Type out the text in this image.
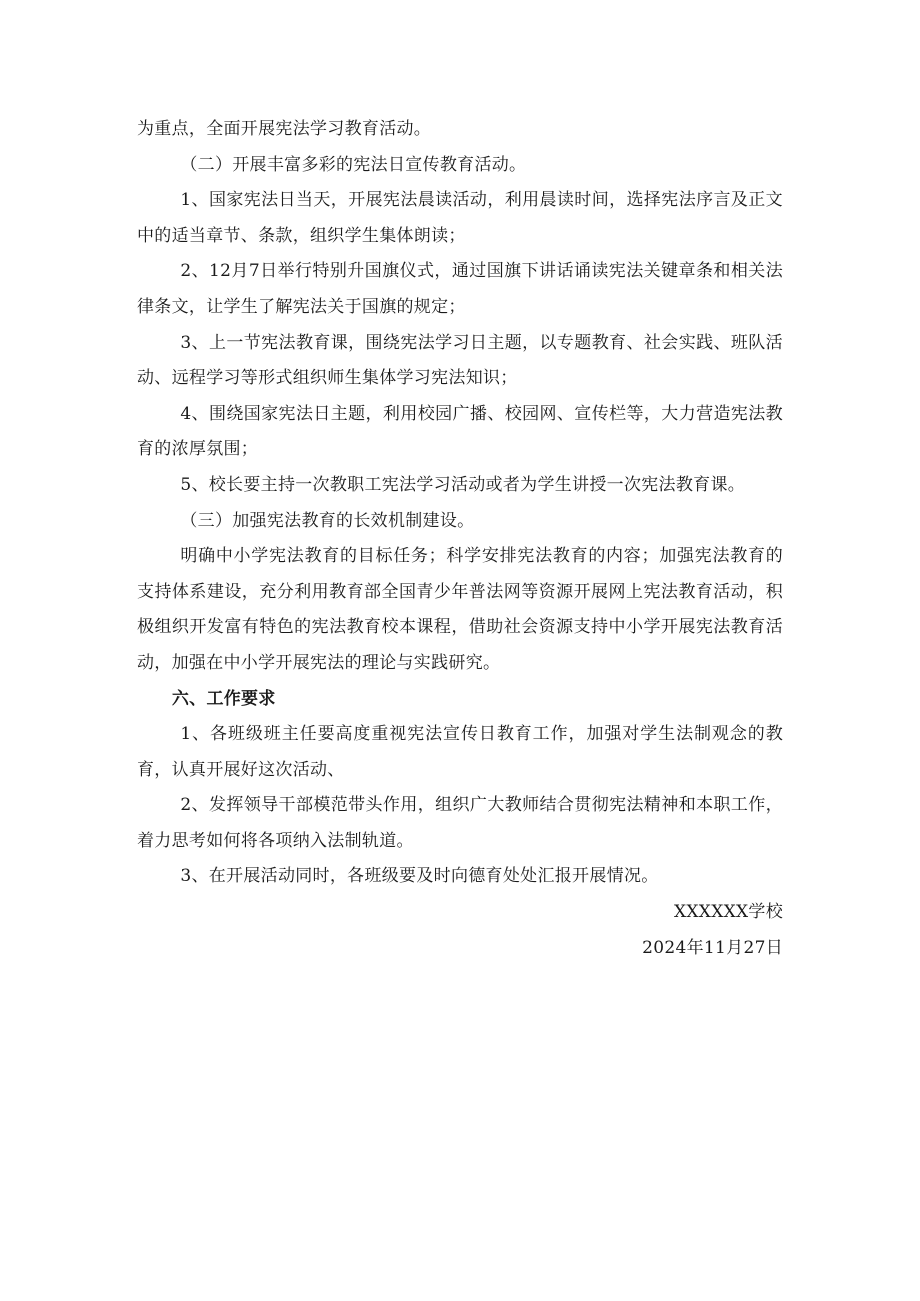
为重点，全面开展宪法学习教育活动。

（二）开展丰富多彩的宪法日宣传教育活动。

1、国家宪法日当天，开展宪法晨读活动，利用晨读时间，选择宪法序言及正文中的适当章节、条款，组织学生集体朗读；

2、12月7日举行特别升国旗仪式，通过国旗下讲话诵读宪法关键章条和相关法律条文，让学生了解宪法关于国旗的规定；

3、上一节宪法教育课，围绕宪法学习日主题，以专题教育、社会实践、班队活动、远程学习等形式组织师生集体学习宪法知识；

4、围绕国家宪法日主题，利用校园广播、校园网、宣传栏等，大力营造宪法教育的浓厚氛围；

5、校长要主持一次教职工宪法学习活动或者为学生讲授一次宪法教育课。

（三）加强宪法教育的长效机制建设。

明确中小学宪法教育的目标任务；科学安排宪法教育的内容；加强宪法教育的支持体系建设，充分利用教育部全国青少年普法网等资源开展网上宪法教育活动，积极组织开发富有特色的宪法教育校本课程，借助社会资源支持中小学开展宪法教育活动，加强在中小学开展宪法的理论与实践研究。

六、工作要求

1、各班级班主任要高度重视宪法宣传日教育工作，加强对学生法制观念的教育，认真开展好这次活动、

2、发挥领导干部模范带头作用，组织广大教师结合贯彻宪法精神和本职工作，着力思考如何将各项纳入法制轨道。

3、在开展活动同时，各班级要及时向德育处处汇报开展情况。

XXXXXX学校

2024年11月27日
